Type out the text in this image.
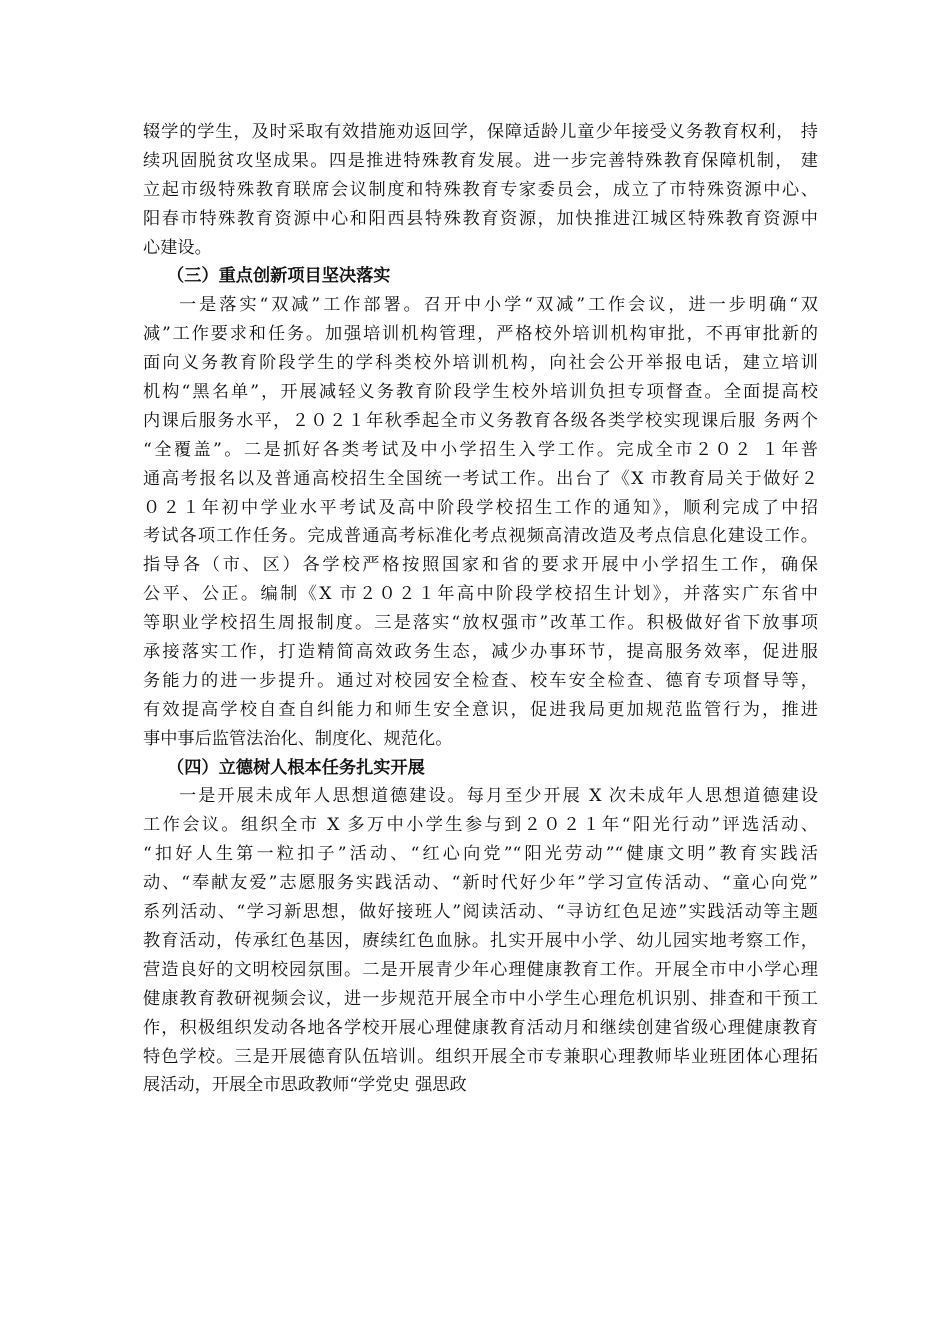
辍学的学生，及时采取有效措施劝返回学，保障适龄儿童少年接受义务教育权利， 持
续巩固脱贫攻坚成果。四是推进特殊教育发展。进一步完善特殊教育保障机制， 建
立起市级特殊教育联席会议制度和特殊教育专家委员会，成立了市特殊资源中心、
阳春市特殊教育资源中心和阳西县特殊教育资源，加快推进江城区特殊教育资源中
心建设。
（三）重点创新项目坚决落实
一是落实“双减”工作部署。召开中小学“双减”工作会议，进一步明确“双
减”工作要求和任务。加强培训机构管理，严格校外培训机构审批，不再审批新的
面向义务教育阶段学生的学科类校外培训机构，向社会公开举报电话，建立培训
机构“黑名单”，开展减轻义务教育阶段学生校外培训负担专项督查。全面提高校
内课后服务水平，２０２１年秋季起全市义务教育各级各类学校实现课后服 务两个
“全覆盖”。二是抓好各类考试及中小学招生入学工作。完成全市２０２ １年普
通高考报名以及普通高校招生全国统一考试工作。出台了《X 市教育局关于做好２
０２１年初中学业水平考试及高中阶段学校招生工作的通知》，顺利完成了中招
考试各项工作任务。完成普通高考标准化考点视频高清改造及考点信息化建设工作。
指导各（市、区）各学校严格按照国家和省的要求开展中小学招生工作，确保
公平、公正。编制《X 市２０２１年高中阶段学校招生计划》，并落实广东省中
等职业学校招生周报制度。三是落实“放权强市”改革工作。积极做好省下放事项
承接落实工作，打造精简高效政务生态，减少办事环节，提高服务效率，促进服
务能力的进一步提升。通过对校园安全检查、校车安全检查、德育专项督导等，
有效提高学校自查自纠能力和师生安全意识，促进我局更加规范监管行为，推进
事中事后监管法治化、制度化、规范化。
（四）立德树人根本任务扎实开展
一是开展未成年人思想道德建设。每月至少开展 X 次未成年人思想道德建设
工作会议。组织全市 X 多万中小学生参与到２０２１年“阳光行动”评选活动、
“扣好人生第一粒扣子”活动、“红心向党”“阳光劳动”“健康文明”教育实践活
动、“奉献友爱”志愿服务实践活动、“新时代好少年”学习宣传活动、“童心向党”
系列活动、“学习新思想，做好接班人”阅读活动、“寻访红色足迹”实践活动等主题
教育活动，传承红色基因，赓续红色血脉。扎实开展中小学、幼儿园实地考察工作，
营造良好的文明校园氛围。二是开展青少年心理健康教育工作。开展全市中小学心理
健康教育教研视频会议，进一步规范开展全市中小学生心理危机识别、排查和干预工
作，积极组织发动各地各学校开展心理健康教育活动月和继续创建省级心理健康教育
特色学校。三是开展德育队伍培训。组织开展全市专兼职心理教师毕业班团体心理拓
展活动，开展全市思政教师“学党史 强思政
